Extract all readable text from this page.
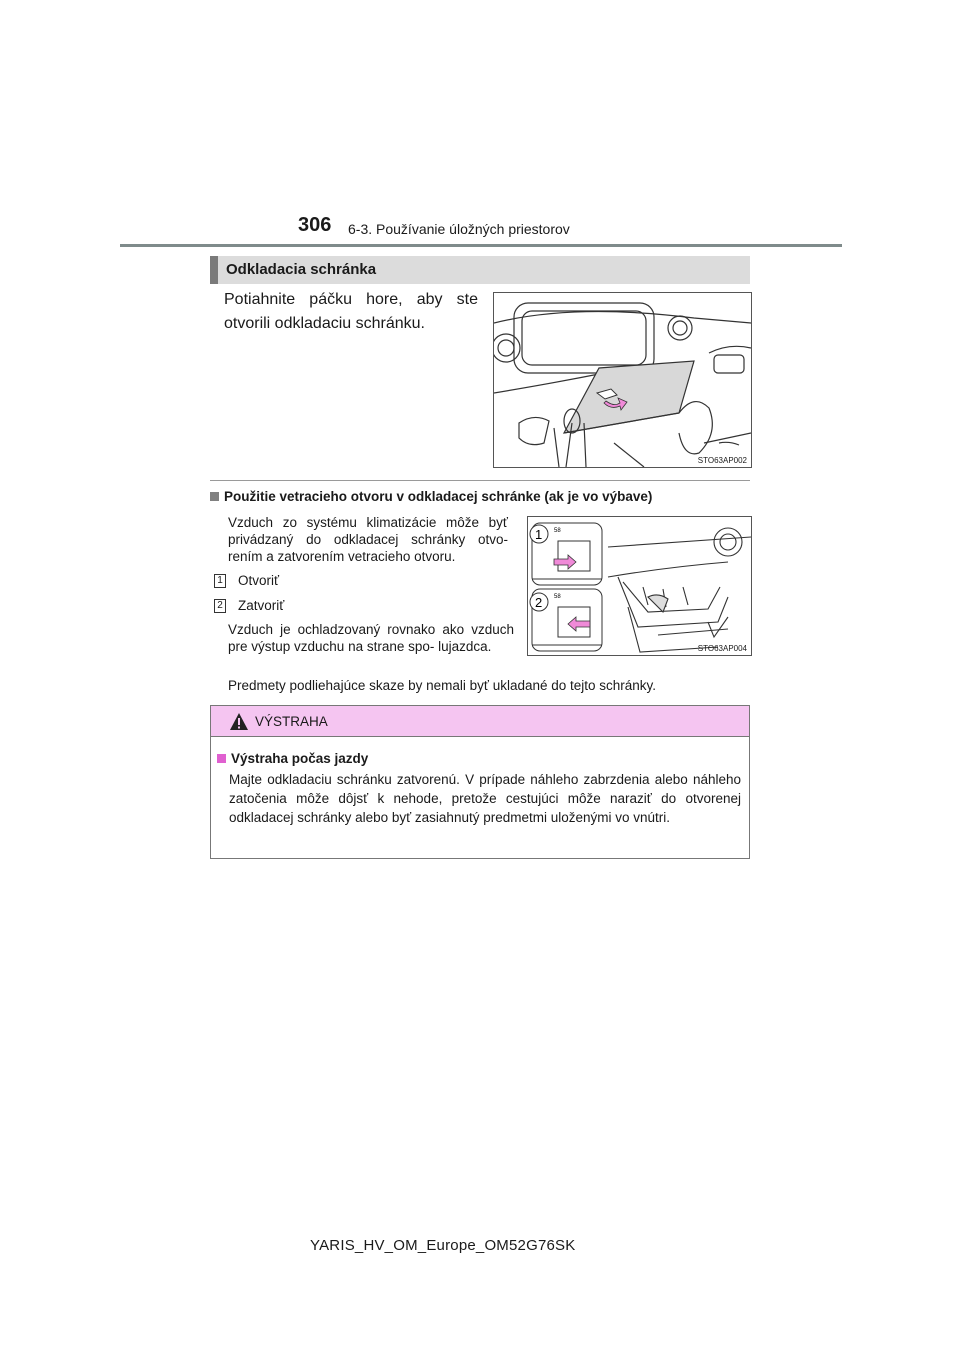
306 6-3. Používanie úložných priestorov
Odkladacia schránka
Potiahnite páčku hore, aby ste otvorili odkladaciu schránku.
STO63AP002
Použitie vetracieho otvoru v odkladacej schránke (ak je vo výbave)
Vzduch zo systému klimatizácie môže byť privádzaný do odkladacej schránky otvo- rením a zatvorením vetracieho otvoru.
1 Otvoriť
2 Zatvoriť
Vzduch je ochladzovaný rovnako ako vzduch pre výstup vzduchu na strane spo- lujazdca.
Predmety podliehajúce skaze by nemali byť ukladané do tejto schránky.
58
58
1
2
STO63AP004
VÝSTRAHA
Výstraha počas jazdy
Majte odkladaciu schránku zatvorenú. V prípade náhleho zabrzdenia alebo náhleho zatočenia môže dôjsť k nehode, pretože cestujúci môže naraziť do otvorenej odkladacej schránky alebo byť zasiahnutý predmetmi uloženými vo vnútri.
YARIS_HV_OM_Europe_OM52G76SK
